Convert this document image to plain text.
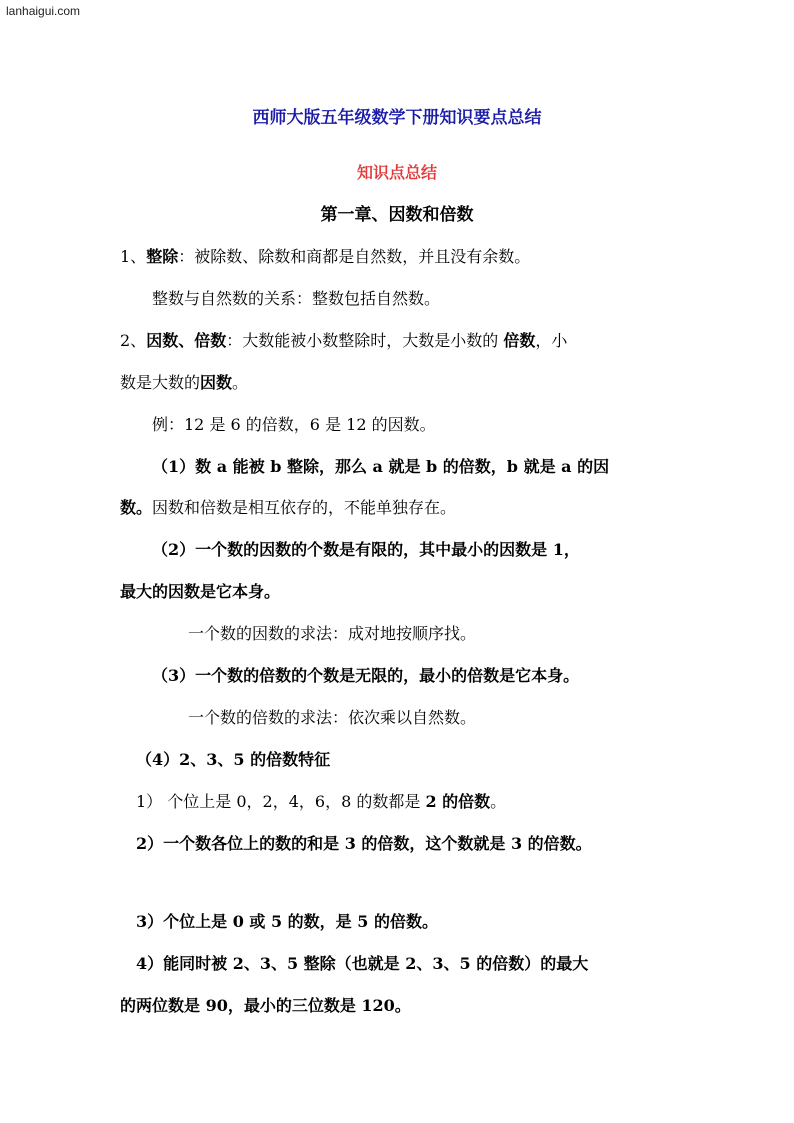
lanhaigui.com
西师大版五年级数学下册知识要点总结
知识点总结
第一章、因数和倍数
1、整除：被除数、除数和商都是自然数，并且没有余数。
整数与自然数的关系：整数包括自然数。
2、因数、倍数：大数能被小数整除时，大数是小数的 倍数，小
数是大数的因数。
例：12 是 6 的倍数，6 是 12 的因数。
（1）数 a 能被 b 整除，那么 a 就是 b 的倍数，b 就是 a 的因
数。因数和倍数是相互依存的，不能单独存在。
（2）一个数的因数的个数是有限的，其中最小的因数是 1，
最大的因数是它本身。
一个数的因数的求法：成对地按顺序找。
（3）一个数的倍数的个数是无限的，最小的倍数是它本身。
一个数的倍数的求法：依次乘以自然数。
（4）2、3、5 的倍数特征
1） 个位上是 0，2，4，6，8 的数都是 2 的倍数。
2）一个数各位上的数的和是 3 的倍数，这个数就是 3 的倍数。
3）个位上是 0 或 5 的数，是 5 的倍数。
4）能同时被 2、3、5 整除（也就是 2、3、5 的倍数）的最大
的两位数是 90，最小的三位数是 120。
